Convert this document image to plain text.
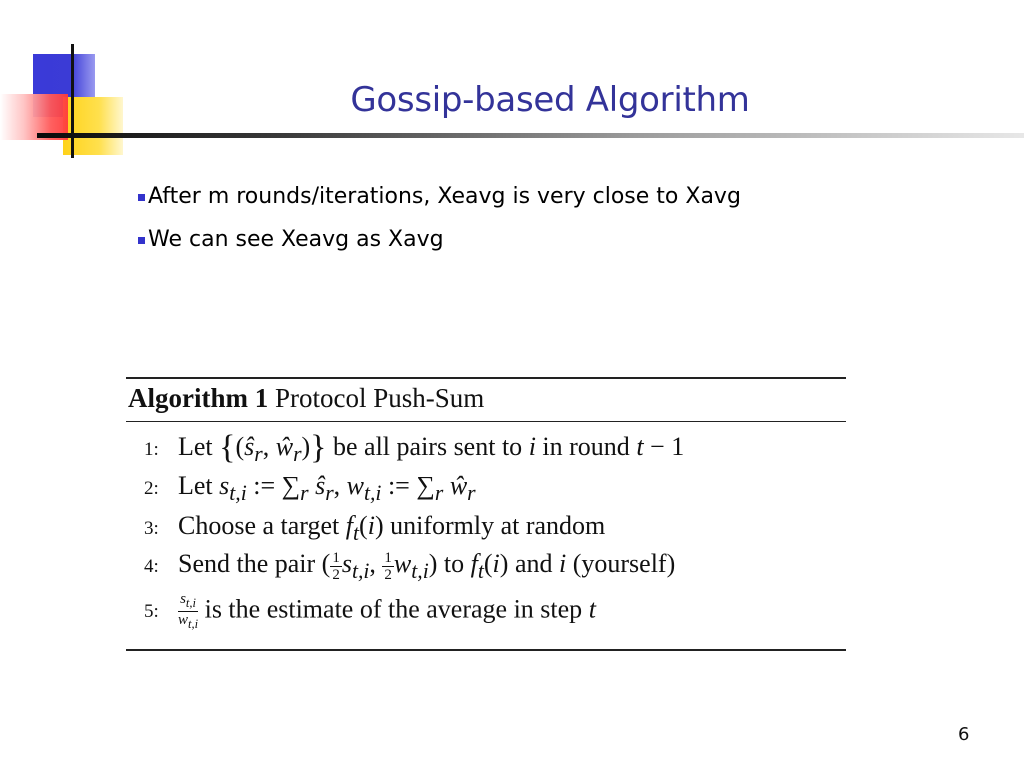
Gossip-based Algorithm
After m rounds/iterations, Xeavg is very close to Xavg
We can see Xeavg as Xavg
Algorithm 1 Protocol Push-Sum
1: Let {($ŝ_r$, $ŵ_r$)} be all pairs sent to i in round t − 1
2: Let $s_{t,i}$ := $\sum_r$ $ŝ_r$, $w_{t,i}$ := $\sum_r$ $ŵ_r$
3: Choose a target $f_t(i)$ uniformly at random
4: Send the pair ( $\frac{1}{2} s_{t,i}$, $\frac{1}{2} w_{t,i}$) to $f_t(i)$ and i (yourself)
5: $\frac{s_{t,i}}{w_{t,i}}$ is the estimate of the average in step t
6
